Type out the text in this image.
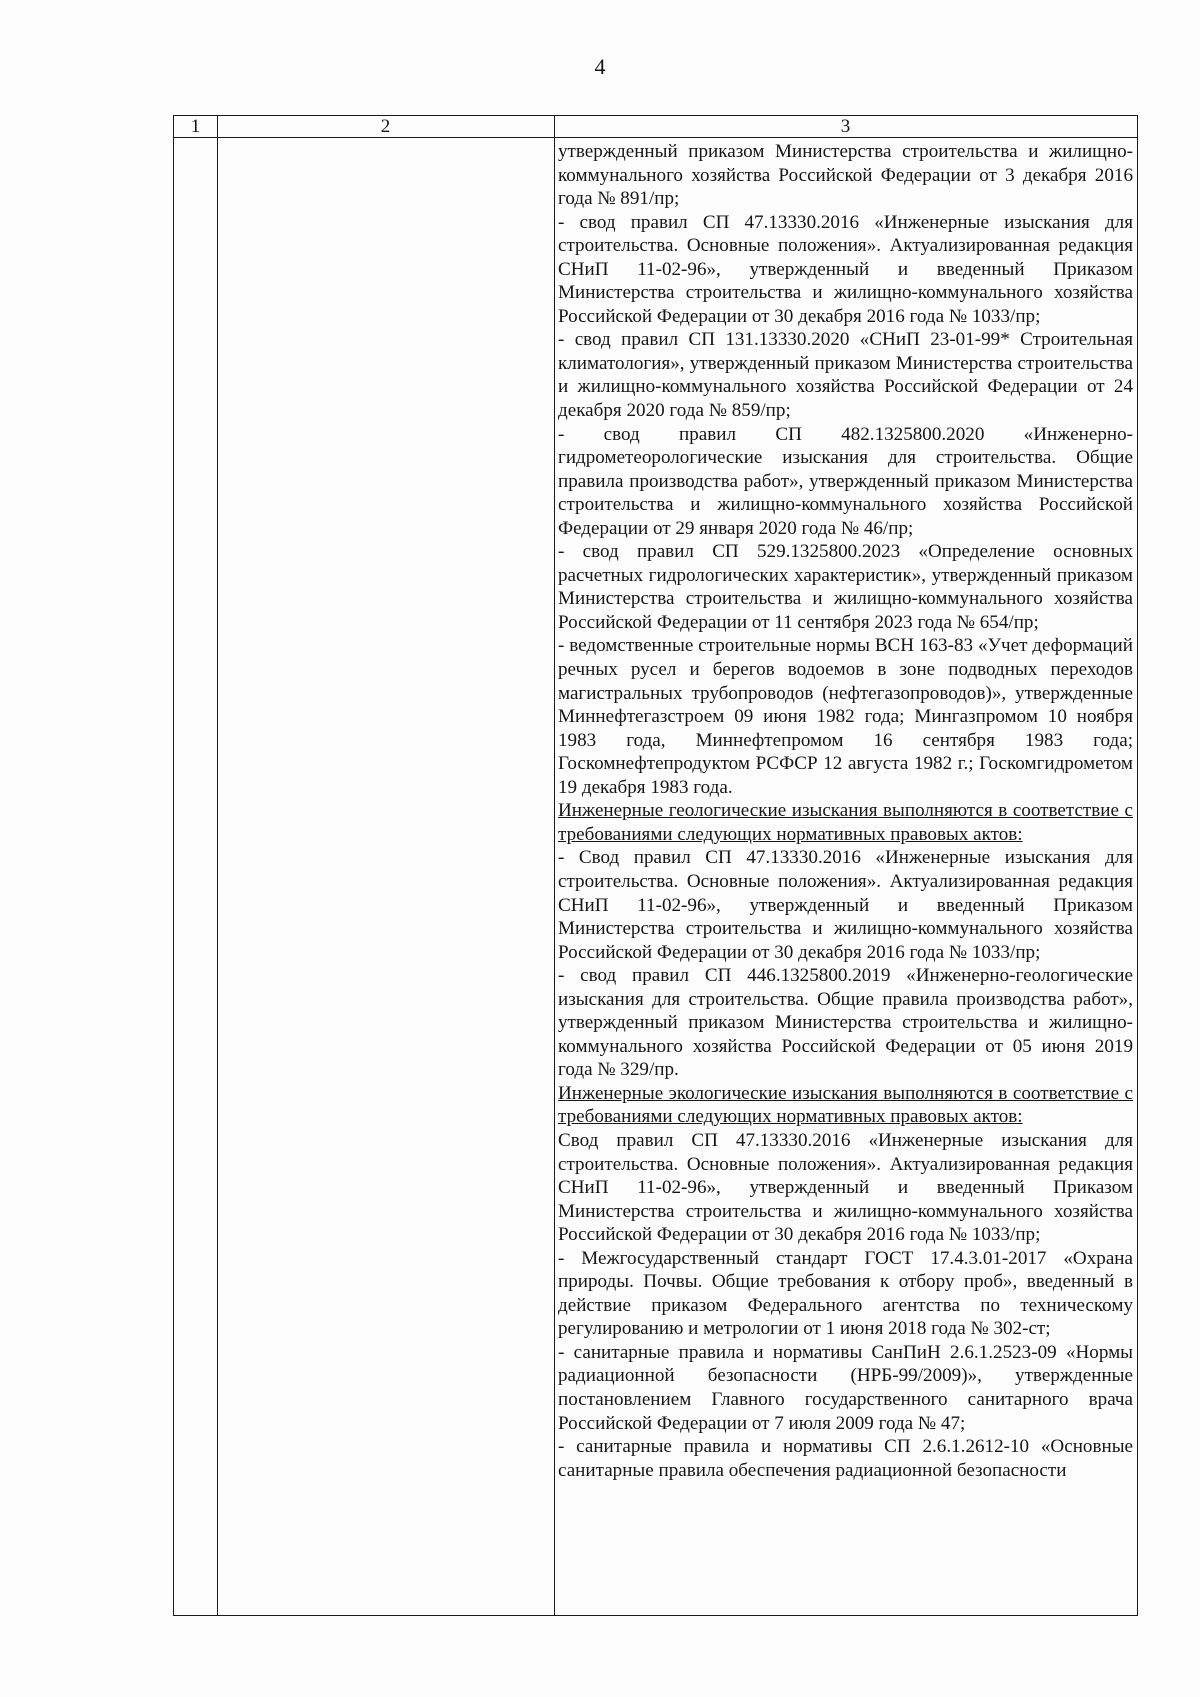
4
1	2	3

утвержденный приказом Министерства строительства и жилищно-коммунального хозяйства Российской Федерации от 3 декабря 2016 года № 891/пр;

- свод правил СП 47.13330.2016 «Инженерные изыскания для строительства. Основные положения». Актуализированная редакция СНиП 11-02-96», утвержденный и введенный Приказом Министерства строительства и жилищно-коммунального хозяйства Российской Федерации от 30 декабря 2016 года № 1033/пр;

- свод правил СП 131.13330.2020 «СНиП 23-01-99* Строительная климатология», утвержденный приказом Министерства строительства и жилищно-коммунального хозяйства Российской Федерации от 24 декабря 2020 года № 859/пр;

- свод правил СП 482.1325800.2020 «Инженерно-гидрометеорологические изыскания для строительства. Общие правила производства работ», утвержденный приказом Министерства строительства и жилищно-коммунального хозяйства Российской Федерации от 29 января 2020 года № 46/пр;

- свод правил СП 529.1325800.2023 «Определение основных расчетных гидрологических характеристик», утвержденный приказом Министерства строительства и жилищно-коммунального хозяйства Российской Федерации от 11 сентября 2023 года № 654/пр;

- ведомственные строительные нормы ВСН 163-83 «Учет деформаций речных русел и берегов водоемов в зоне подводных переходов магистральных трубопроводов (нефтегазопроводов)», утвержденные Миннефтегазстроем 09 июня 1982 года; Мингазпромом 10 ноября 1983 года, Миннефтепромом 16 сентября 1983 года; Госкомнефтепродуктом РСФСР 12 августа 1982 г.; Госкомгидрометом 19 декабря 1983 года.

Инженерные геологические изыскания выполняются в соответствие с требованиями следующих нормативных правовых актов:

- Свод правил СП 47.13330.2016 «Инженерные изыскания для строительства. Основные положения». Актуализированная редакция СНиП 11-02-96», утвержденный и введенный Приказом Министерства строительства и жилищно-коммунального хозяйства Российской Федерации от 30 декабря 2016 года № 1033/пр;

- свод правил СП 446.1325800.2019 «Инженерно-геологические изыскания для строительства. Общие правила производства работ», утвержденный приказом Министерства строительства и жилищно-коммунального хозяйства Российской Федерации от 05 июня 2019 года № 329/пр.

Инженерные экологические изыскания выполняются в соответствие с требованиями следующих нормативных правовых актов:

Свод правил СП 47.13330.2016 «Инженерные изыскания для строительства. Основные положения». Актуализированная редакция СНиП 11-02-96», утвержденный и введенный Приказом Министерства строительства и жилищно-коммунального хозяйства Российской Федерации от 30 декабря 2016 года № 1033/пр;

- Межгосударственный стандарт ГОСТ 17.4.3.01-2017 «Охрана природы. Почвы. Общие требования к отбору проб», введенный в действие приказом Федерального агентства по техническому регулированию и метрологии от 1 июня 2018 года № 302-ст;

- санитарные правила и нормативы СанПиН 2.6.1.2523-09 «Нормы радиационной безопасности (НРБ-99/2009)», утвержденные постановлением Главного государственного санитарного врача Российской Федерации от 7 июля 2009 года № 47;

- санитарные правила и нормативы СП 2.6.1.2612-10 «Основные санитарные правила обеспечения радиационной безопасности
